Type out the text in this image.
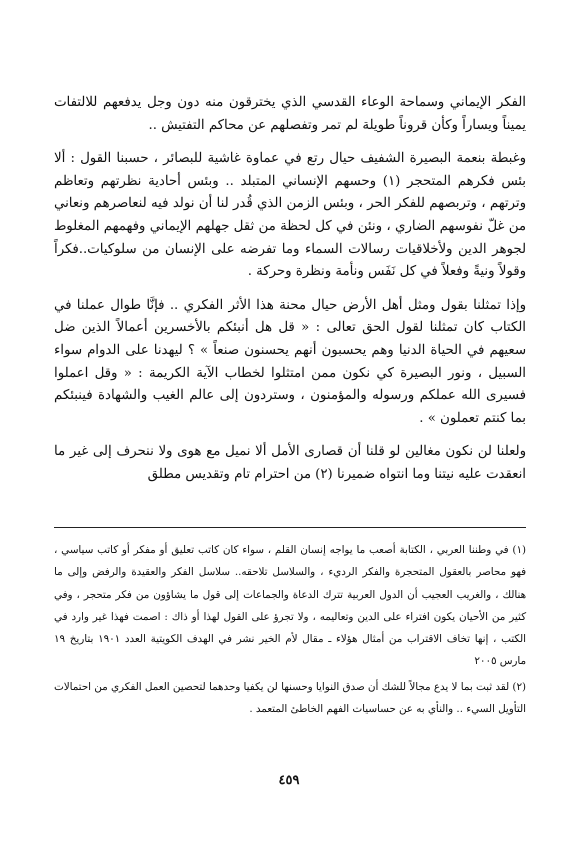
الفكر الإيماني وسماحة الوعاء القدسي الذي يخترقون منه دون وجل يدفعهم للالتفات يميناً ويساراً وكأن قروناً طويلة لم تمر وتفصلهم عن محاكم التفتيش ..

وغبطة بنعمة البصيرة الشفيف حيال رتع في عماوة غاشية للبصائر ، حسبنا القول : ألا بئس فكرهم المتحجر (١) وحسهم الإنساني المتبلد .. وبئس أحادية نظرتهم وتعاظم وترتهم ، وتربصهم للفكر الحر ، وبئس الزمن الذي قُدر لنا أن نولد فيه لنعاصرهم ونعاني من غلّ نفوسهم الضاري ، ونئن في كل لحظة من ثقل جهلهم الإيماني وفهمهم المغلوط لجوهر الدين ولأخلاقيات رسالات السماء وما تفرضه على الإنسان من سلوكيات..فكراً وقولاً ونيةً وفعلاً في كل نَفَس ونأمة ونظرة وحركة .

وإذا تمثلنا بقول ومثل أهل الأرض حيال محنة هذا الأثر الفكري .. فإنَّا طوال عملنا في الكتاب كان تمثلنا لقول الحق تعالى : « قل هل أنبئكم بالأخسرين أعمالاً الذين ضل سعيهم في الحياة الدنيا وهم يحسبون أنهم يحسنون صنعاً » ؟ ليهدنا على الدوام سواء السبيل ، ونور البصيرة كي نكون ممن امتثلوا لخطاب الآية الكريمة : « وقل اعملوا فسيرى الله عملكم ورسوله والمؤمنون ، وستردون إلى عالم الغيب والشهادة فينبئكم بما كنتم تعملون » .

ولعلنا لن نكون مغالين لو قلنا أن قصارى الأمل ألا نميل مع هوى ولا ننحرف إلى غير ما انعقدت عليه نيتنا وما انتواه ضميرنا (٢) من احترام تام وتقديس مطلق

(١) في وطننا العربي ، الكتابة أصعب ما يواجه إنسان القلم ، سواء كان كاتب تعليق أو مفكر أو كاتب سياسي ، فهو محاصر بالعقول المتحجرة والفكر الرديء ، والسلاسل تلاحقه.. سلاسل الفكر والعقيدة والرفض وإلى ما هنالك ، والغريب العجيب أن الدول العربية تترك الدعاة والجماعات إلى قول ما يشاؤون من فكر متحجر ، وفي كثير من الأحيان يكون افتراء على الدين وتعاليمه ، ولا تجرؤ على القول لهذا أو ذاك : اصمت فهذا غير وارد في الكتب ، إنها تخاف الاقتراب من أمثال هؤلاء ـ مقال لأم الخير نشر في الهدف الكويتية العدد ١٩٠١ بتاريخ ١٩ مارس ٢٠٠٥

(٢) لقد ثبت بما لا يدع مجالاً للشك أن صدق النوايا وحسنها لن يكفيا وحدهما لتحصين العمل الفكري من احتمالات التأويل السيء .. والنأي به عن حساسيات الفهم الخاطئ المتعمد .

٤٥٩
